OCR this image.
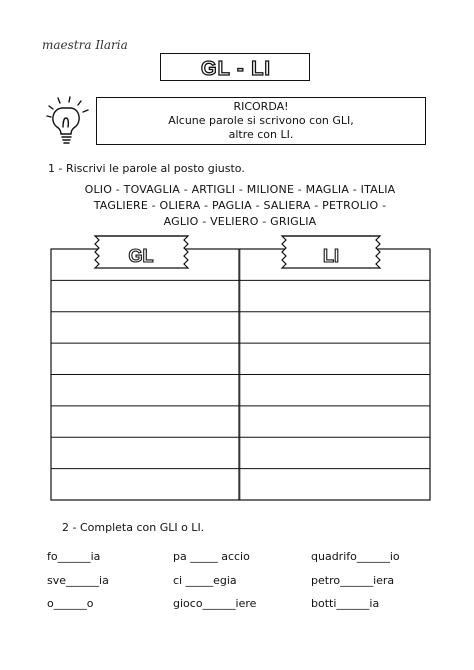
maestra Ilaria
GL - LI
RICORDA!
Alcune parole si scrivono con GLI,
altre con LI.
1 - Riscrivi le parole al posto giusto.
OLIO - TOVAGLIA - ARTIGLI - MILIONE - MAGLIA - ITALIA
TAGLIERE - OLIERA - PAGLIA - SALIERA - PETROLIO -
AGLIO - VELIERO - GRIGLIA
GL	LI
2 - Completa con GLI o LI.
fo______ia	pa _____ accio	quadrifo______io
sve______ia	ci _____egia	petro______iera
o______o	gioco______iere	botti______ia
